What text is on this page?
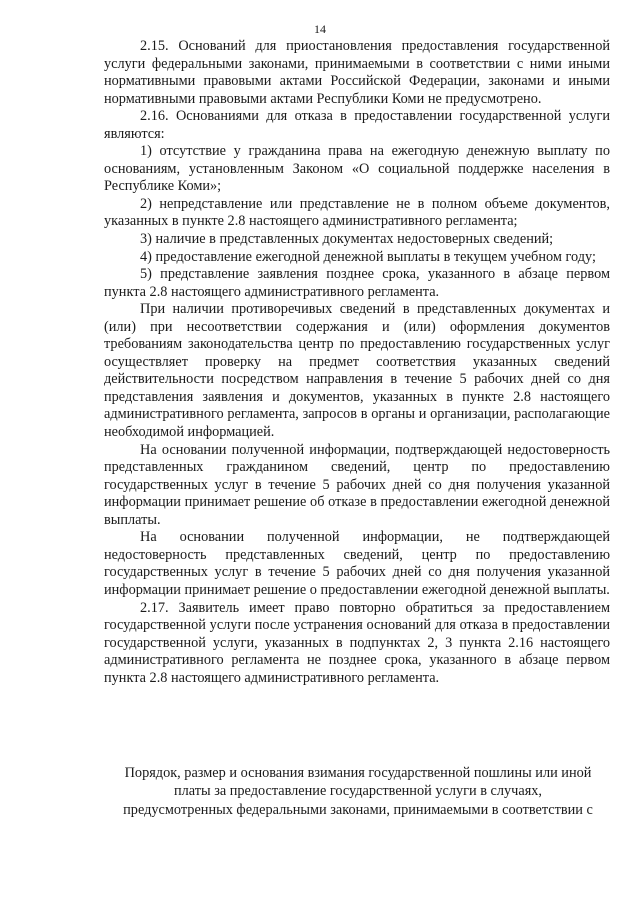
14

2.15. Оснований для приостановления предоставления государственной услуги федеральными законами, принимаемыми в соответствии с ними иными нормативными правовыми актами Российской Федерации, законами и иными нормативными правовыми актами Республики Коми не предусмотрено.

2.16. Основаниями для отказа в предоставлении государственной услуги являются:

1) отсутствие у гражданина права на ежегодную денежную выплату по основаниям, установленным Законом «О социальной поддержке населения в Республике Коми»;

2) непредставление или представление не в полном объеме документов, указанных в пункте 2.8 настоящего административного регламента;

3) наличие в представленных документах недостоверных сведений;

4) предоставление ежегодной денежной выплаты в текущем учебном году;

5) представление заявления позднее срока, указанного в абзаце первом пункта 2.8 настоящего административного регламента.

При наличии противоречивых сведений в представленных документах и (или) при несоответствии содержания и (или) оформления документов требованиям законодательства центр по предоставлению государственных услуг осуществляет проверку на предмет соответствия указанных сведений действительности посредством направления в течение 5 рабочих дней со дня представления заявления и документов, указанных в пункте 2.8 настоящего административного регламента, запросов в органы и организации, располагающие необходимой информацией.

На основании полученной информации, подтверждающей недостоверность представленных гражданином сведений, центр по предоставлению государственных услуг в течение 5 рабочих дней со дня получения указанной информации принимает решение об отказе в предоставлении ежегодной денежной выплаты.

На основании полученной информации, не подтверждающей недостоверность представленных сведений, центр по предоставлению государственных услуг в течение 5 рабочих дней со дня получения указанной информации принимает решение о предоставлении ежегодной денежной выплаты.

2.17. Заявитель имеет право повторно обратиться за предоставлением государственной услуги после устранения оснований для отказа в предоставлении государственной услуги, указанных в подпунктах 2, 3 пункта 2.16 настоящего административного регламента не позднее срока, указанного в абзаце первом пункта 2.8 настоящего административного регламента.

Порядок, размер и основания взимания государственной пошлины или иной
платы за предоставление государственной услуги в случаях,
предусмотренных федеральными законами, принимаемыми в соответствии с
